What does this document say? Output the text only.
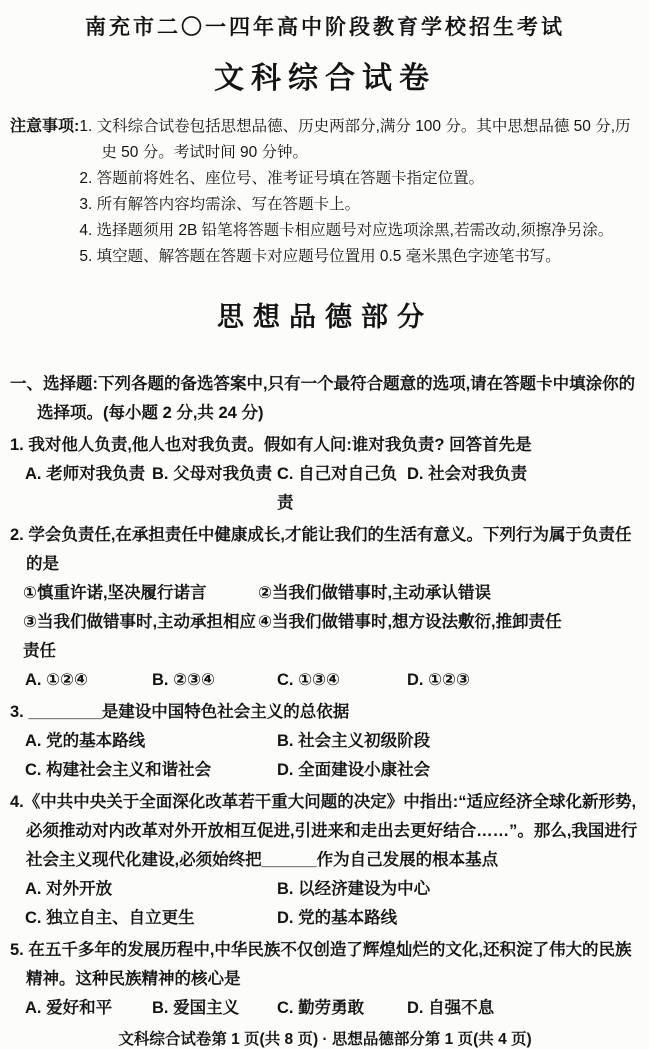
南充市二〇一四年高中阶段教育学校招生考试
文科综合试卷
注意事项: 1. 文科综合试卷包括思想品德、历史两部分,满分 100 分。其中思想品德 50 分,历史 50 分。考试时间 90 分钟。
2. 答题前将姓名、座位号、准考证号填在答题卡指定位置。
3. 所有解答内容均需涂、写在答题卡上。
4. 选择题须用 2B 铅笔将答题卡相应题号对应选项涂黑,若需改动,须擦净另涂。
5. 填空题、解答题在答题卡对应题号位置用 0.5 毫米黑色字迹笔书写。
思想品德部分
一、选择题:下列各题的备选答案中,只有一个最符合题意的选项,请在答题卡中填涂你的选择项。(每小题 2 分,共 24 分)
1. 我对他人负责,他人也对我负责。假如有人问:谁对我负责? 回答首先是
A. 老师对我负责 B. 父母对我负责 C. 自己对自己负责
D. 社会对我负责
2. 学会负责任,在承担责任中健康成长,才能让我们的生活有意义。下列行为属于负责任的是
①慎重许诺,坚决履行诺言	②当我们做错事时,主动承认错误
③当我们做错事时,主动承担相应责任
④当我们做错事时,想方设法敷衍,推卸责任
A. ①②④	B. ②③④	C. ①③④	D. ①②③
3. ________是建设中国特色社会主义的总依据
A. 党的基本路线	B. 社会主义初级阶段
C. 构建社会主义和谐社会	D. 全面建设小康社会
4.《中共中央关于全面深化改革若干重大问题的决定》中指出:“适应经济全球化新形势,必须推动对内改革对外开放相互促进,引进来和走出去更好结合……”。那么,我国进行社会主义现代化建设,必须始终把______作为自己发展的根本基点
A. 对外开放	B. 以经济建设为中心
C. 独立自主、自立更生	D. 党的基本路线
5. 在五千多年的发展历程中,中华民族不仅创造了辉煌灿烂的文化,还积淀了伟大的民族精神。这种民族精神的核心是
A. 爱好和平	B. 爱国主义	C. 勤劳勇敢	D. 自强不息
文科综合试卷第 1 页(共 8 页) · 思想品德部分第 1 页(共 4 页)
